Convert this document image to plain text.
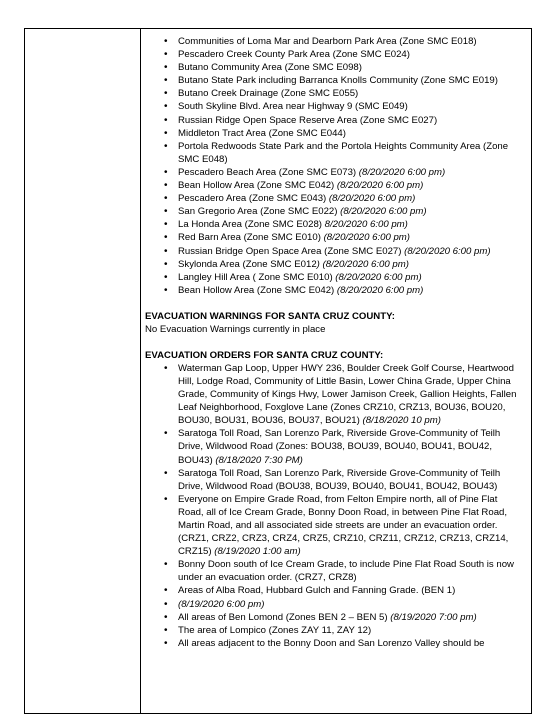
• Communities of Loma Mar and Dearborn Park Area (Zone SMC E018)
• Pescadero Creek County Park Area (Zone SMC E024)
• Butano Community Area (Zone SMC E098)
• Butano State Park including Barranca Knolls Community (Zone SMC E019)
• Butano Creek Drainage (Zone SMC E055)
• South Skyline Blvd. Area near Highway 9 (SMC E049)
• Russian Ridge Open Space Reserve Area (Zone SMC E027)
• Middleton Tract Area (Zone SMC E044)
• Portola Redwoods State Park and the Portola Heights Community Area (Zone SMC E048)
• Pescadero Beach Area (Zone SMC E073) (8/20/2020 6:00 pm)
• Bean Hollow Area (Zone SMC E042) (8/20/2020 6:00 pm)
• Pescadero Area (Zone SMC E043) (8/20/2020 6:00 pm)
• San Gregorio Area (Zone SMC E022) (8/20/2020 6:00 pm)
• La Honda Area (Zone SMC E028) 8/20/2020 6:00 pm)
• Red Barn Area (Zone SMC E010) (8/20/2020 6:00 pm)
• Russian Bridge Open Space Area (Zone SMC E027) (8/20/2020 6:00 pm)
• Skylonda Area (Zone SMC E012) (8/20/2020 6:00 pm)
• Langley Hill Area ( Zone SMC E010) (8/20/2020 6:00 pm)
• Bean Hollow Area (Zone SMC E042) (8/20/2020 6:00 pm)
EVACUATION WARNINGS FOR SANTA CRUZ COUNTY:
No Evacuation Warnings currently in place
EVACUATION ORDERS FOR SANTA CRUZ COUNTY:
• Waterman Gap Loop, Upper HWY 236, Boulder Creek Golf Course, Heartwood Hill, Lodge Road, Community of Little Basin, Lower China Grade, Upper China Grade, Community of Kings Hwy, Lower Jamison Creek, Gallion Heights, Fallen Leaf Neighborhood, Foxglove Lane (Zones CRZ10, CRZ13, BOU36, BOU20, BOU30, BOU31, BOU36, BOU37, BOU21) (8/18/2020 10 pm)
• Saratoga Toll Road, San Lorenzo Park, Riverside Grove-Community of Teilh Drive, Wildwood Road (Zones: BOU38, BOU39, BOU40, BOU41, BOU42, BOU43) (8/18/2020 7:30 PM)
• Saratoga Toll Road, San Lorenzo Park, Riverside Grove-Community of Teilh Drive, Wildwood Road (BOU38, BOU39, BOU40, BOU41, BOU42, BOU43)
• Everyone on Empire Grade Road, from Felton Empire north, all of Pine Flat Road, all of Ice Cream Grade, Bonny Doon Road, in between Pine Flat Road, Martin Road, and all associated side streets are under an evacuation order. (CRZ1, CRZ2, CRZ3, CRZ4, CRZ5, CRZ10, CRZ11, CRZ12, CRZ13, CRZ14, CRZ15) (8/19/2020 1:00 am)
• Bonny Doon south of Ice Cream Grade, to include Pine Flat Road South is now under an evacuation order. (CRZ7, CRZ8)
• Areas of Alba Road, Hubbard Gulch and Fanning Grade. (BEN 1)
• (8/19/2020 6:00 pm)
• All areas of Ben Lomond (Zones BEN 2 – BEN 5) (8/19/2020 7:00 pm)
• The area of Lompico (Zones ZAY 11, ZAY 12)
• All areas adjacent to the Bonny Doon and San Lorenzo Valley should be
